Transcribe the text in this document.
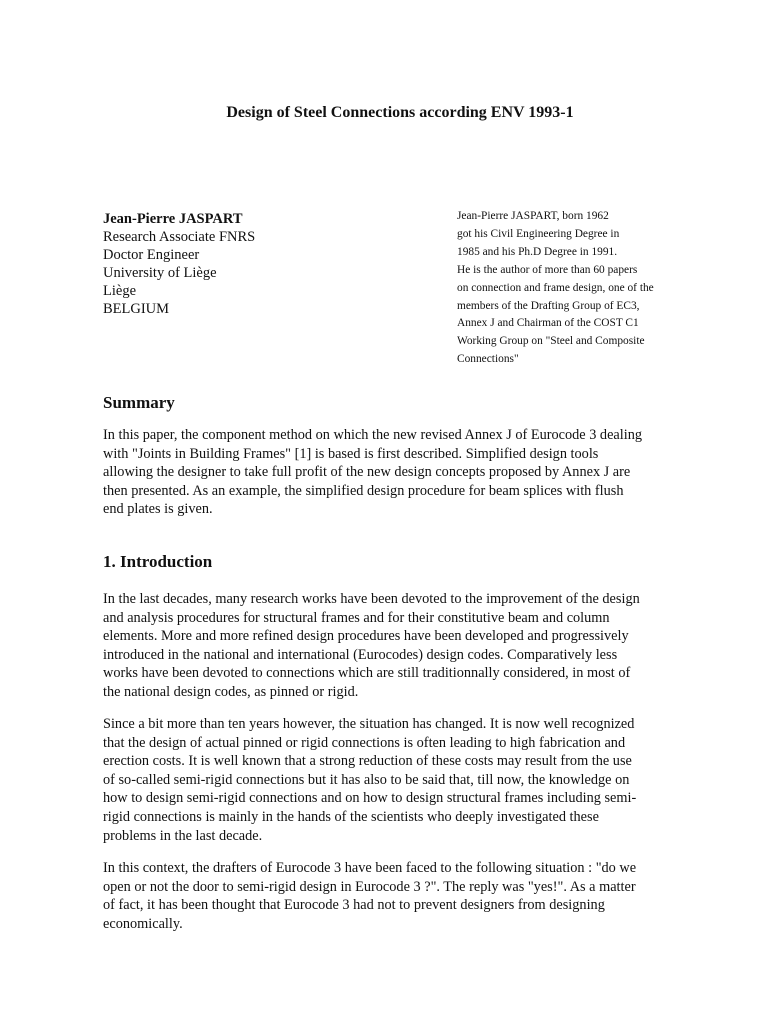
Design of Steel Connections according ENV 1993-1
Jean-Pierre JASPART
Research Associate FNRS
Doctor Engineer
University of Liège
Liège
BELGIUM
Jean-Pierre JASPART, born 1962
got his Civil Engineering Degree in
1985 and his Ph.D Degree in 1991.
He is the author of more than 60 papers
on connection and frame design, one of the
members of the Drafting Group of EC3,
Annex J and Chairman of the COST C1
Working Group on "Steel and Composite
Connections"
Summary
In this paper, the component method on which the new revised Annex J of Eurocode 3 dealing
with "Joints in Building Frames" [1] is based is first described. Simplified design tools
allowing the designer to take full profit of the new design concepts proposed by Annex J are
then presented. As an example, the simplified design procedure for beam splices with flush
end plates is given.
1. Introduction
In the last decades, many research works have been devoted to the improvement of the design
and analysis procedures for structural frames and for their constitutive beam and column
elements. More and more refined design procedures have been developed and progressively
introduced in the national and international (Eurocodes) design codes. Comparatively less
works have been devoted to connections which are still traditionnally considered, in most of
the national design codes, as pinned or rigid.
Since a bit more than ten years however, the situation has changed. It is now well recognized
that the design of actual pinned or rigid connections is often leading to high fabrication and
erection costs. It is well known that a strong reduction of these costs may result from the use
of so-called semi-rigid connections but it has also to be said that, till now, the knowledge on
how to design semi-rigid connections and on how to design structural frames including semi-
rigid connections is mainly in the hands of the scientists who deeply investigated these
problems in the last decade.
In this context, the drafters of Eurocode 3 have been faced to the following situation : "do we
open or not the door to semi-rigid design in Eurocode 3 ?". The reply was "yes!". As a matter
of fact, it has been thought that Eurocode 3 had not to prevent designers from designing
economically.
